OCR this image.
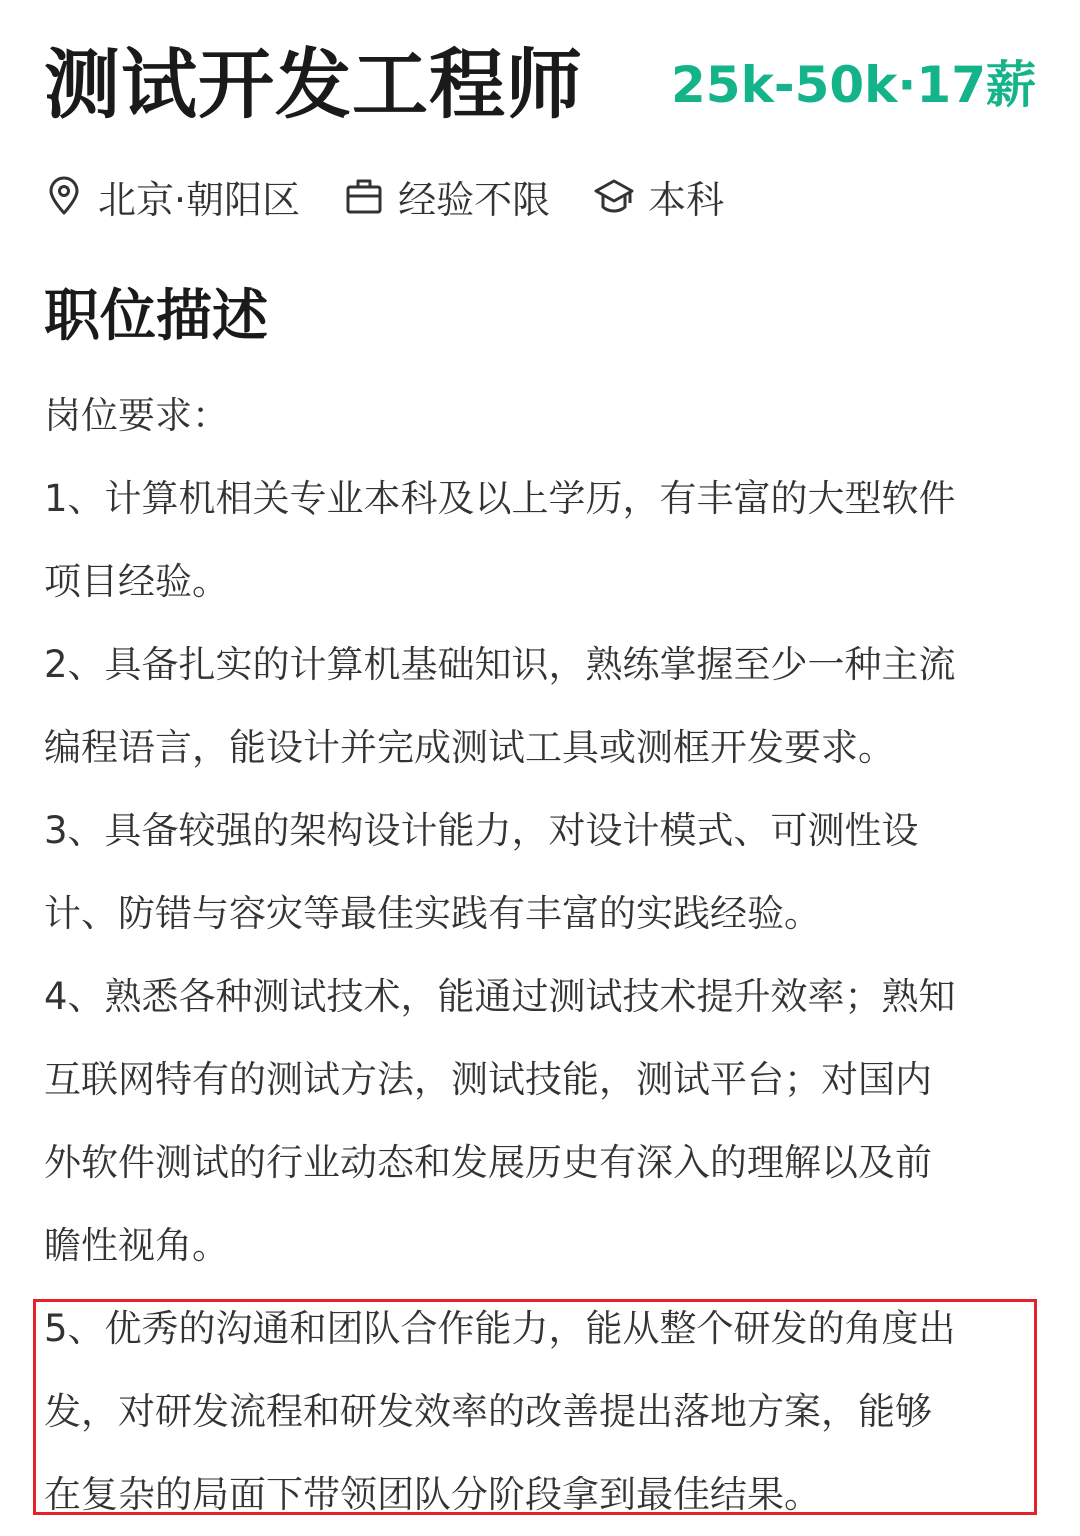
测试开发工程师 25k-50k·17薪
北京·朝阳区	经验不限	本科
职位描述
岗位要求：
1、计算机相关专业本科及以上学历，有丰富的大型软件
项目经验。
2、具备扎实的计算机基础知识，熟练掌握至少一种主流
编程语言，能设计并完成测试工具或测框开发要求。
3、具备较强的架构设计能力，对设计模式、可测性设
计、防错与容灾等最佳实践有丰富的实践经验。
4、熟悉各种测试技术，能通过测试技术提升效率；熟知
互联网特有的测试方法，测试技能，测试平台；对国内
外软件测试的行业动态和发展历史有深入的理解以及前
瞻性视角。
5、优秀的沟通和团队合作能力，能从整个研发的角度出
发，对研发流程和研发效率的改善提出落地方案，能够
在复杂的局面下带领团队分阶段拿到最佳结果。
